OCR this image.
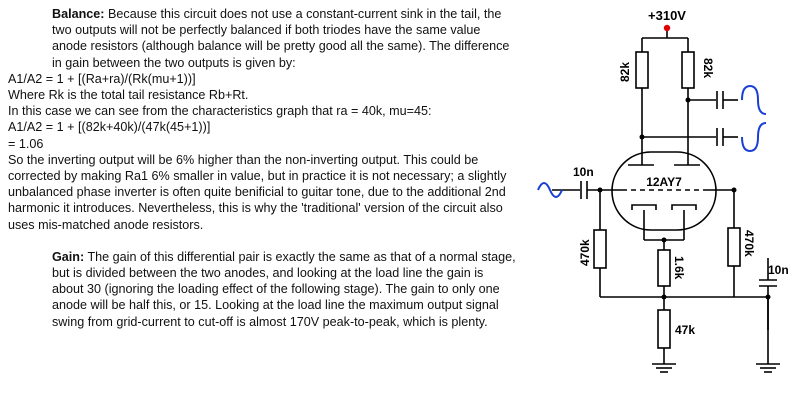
Balance: Because this circuit does not use a constant-current sink in the tail, the two outputs will not be perfectly balanced if both triodes have the same value anode resistors (although balance will be pretty good all the same). The difference in gain between the two outputs is given by:

A1/A2 = 1 + [(Ra+ra)/(Rk(mu+1))]

Where Rk is the total tail resistance Rb+Rt.

In this case we can see from the characteristics graph that ra = 40k, mu=45:

A1/A2 = 1 + [(82k+40k)/(47k(45+1))]

= 1.06

So the inverting output will be 6% higher than the non-inverting output. This could be corrected by making Ra1 6% smaller in value, but in practice it is not necessary; a slightly unbalanced phase inverter is often quite benificial to guitar tone, due to the additional 2nd harmonic it introduces. Nevertheless, this is why the 'traditional' version of the circuit also uses mis-matched anode resistors.

Gain: The gain of this differential pair is exactly the same as that of a normal stage, but is divided between the two anodes, and looking at the load line the gain is about 30 (ignoring the loading effect of the following stage). The gain to only one anode will be half this, or 15. Looking at the load line the maximum output signal swing from grid-current to cut-off is almost 170V peak-to-peak, which is plenty.

+310V
82k	82k
10n
12AY7
470k	470k
1.6k
47k
10n
